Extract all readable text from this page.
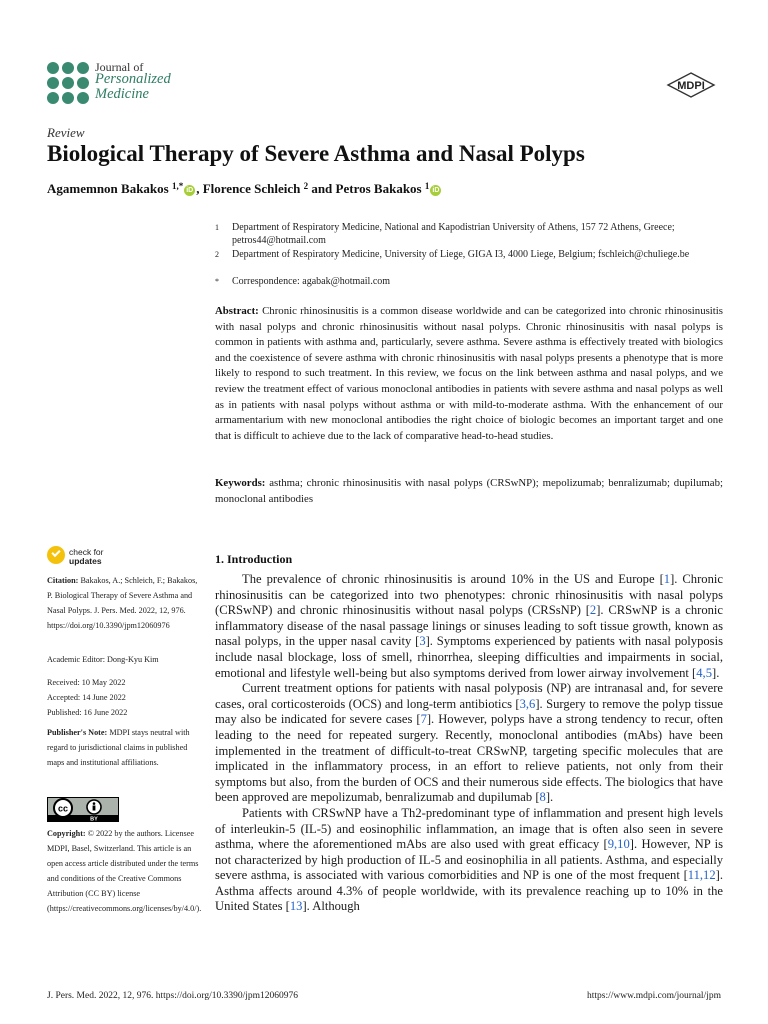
Journal of
Personalized
Medicine	MDPI
Review
Biological Therapy of Severe Asthma and Nasal Polyps
Agamemnon Bakakos $^{1,*}$ iD , Florence Schleich $^2$ and Petros Bakakos $^1$ iD
1 Department of Respiratory Medicine, National and Kapodistrian University of Athens, 157 72 Athens, Greece; petros44@hotmail.com
2 Department of Respiratory Medicine, University of Liege, GIGA I3, 4000 Liege, Belgium; fschleich@chuliege.be
* Correspondence: agabak@hotmail.com
Abstract: Chronic rhinosinusitis is a common disease worldwide and can be categorized into chronic rhinosinusitis with nasal polyps and chronic rhinosinusitis without nasal polyps. Chronic rhinosinusitis with nasal polyps is common in patients with asthma and, particularly, severe asthma. Severe asthma is effectively treated with biologics and the coexistence of severe asthma with chronic rhinosinusitis with nasal polyps presents a phenotype that is more likely to respond to such treatment. In this review, we focus on the link between asthma and nasal polyps, and we review the treatment effect of various monoclonal antibodies in patients with severe asthma and nasal polyps as well as in patients with nasal polyps without asthma or with mild-to-moderate asthma. With the enhancement of our armamentarium with new monoclonal antibodies the right choice of biologic becomes an important target and one that is difficult to achieve due to the lack of comparative head-to-head studies.
Keywords: asthma; chronic rhinosinusitis with nasal polyps (CRSwNP); mepolizumab; benralizumab; dupilumab; monoclonal antibodies
check for
updates
Citation: Bakakos, A.; Schleich, F.; Bakakos, P. Biological Therapy of Severe Asthma and Nasal Polyps. J. Pers. Med. 2022, 12, 976. https://doi.org/10.3390/jpm12060976
Academic Editor: Dong-Kyu Kim
Received: 10 May 2022
Accepted: 14 June 2022
Published: 16 June 2022
Publisher's Note: MDPI stays neutral with regard to jurisdictional claims in published maps and institutional affiliations.
cc
BY
Copyright: © 2022 by the authors. Licensee MDPI, Basel, Switzerland. This article is an open access article distributed under the terms and conditions of the Creative Commons Attribution (CC BY) license (https://creativecommons.org/licenses/by/4.0/).
1. Introduction

The prevalence of chronic rhinosinusitis is around 10% in the US and Europe [1]. Chronic rhinosinusitis can be categorized into two phenotypes: chronic rhinosinusitis with nasal polyps (CRSwNP) and chronic rhinosinusitis without nasal polyps (CRSsNP) [2]. CRSwNP is a chronic inflammatory disease of the nasal passage linings or sinuses leading to soft tissue growth, known as nasal polyps, in the upper nasal cavity [3]. Symptoms experienced by patients with nasal polyposis include nasal blockage, loss of smell, rhinorrhea, sleeping difficulties and impairments in social, emotional and lifestyle well-being but also symptoms derived from lower airway involvement [4,5].

Current treatment options for patients with nasal polyposis (NP) are intranasal and, for severe cases, oral corticosteroids (OCS) and long-term antibiotics [3,6]. Surgery to remove the polyp tissue may also be indicated for severe cases [7]. However, polyps have a strong tendency to recur, often leading to the need for repeated surgery. Recently, monoclonal antibodies (mAbs) have been implemented in the treatment of difficult-to-treat CRSwNP, targeting specific molecules that are implicated in the inflammatory process, in an effort to relieve patients, not only from their symptoms but also, from the burden of OCS and their numerous side effects. The biologics that have been approved are mepolizumab, benralizumab and dupilumab [8].

Patients with CRSwNP have a Th2-predominant type of inflammation and present high levels of interleukin-5 (IL-5) and eosinophilic inflammation, an image that is often also seen in severe asthma, where the aforementioned mAbs are also used with great efficacy [9,10]. However, NP is not characterized by high production of IL-5 and eosinophilia in all patients. Asthma, and especially severe asthma, is associated with various comorbidities and NP is one of the most frequent [11,12]. Asthma affects around 4.3% of people worldwide, with its prevalence reaching up to 10% in the United States [13]. Although

J. Pers. Med. 2022, 12, 976. https://doi.org/10.3390/jpm12060976	https://www.mdpi.com/journal/jpm
